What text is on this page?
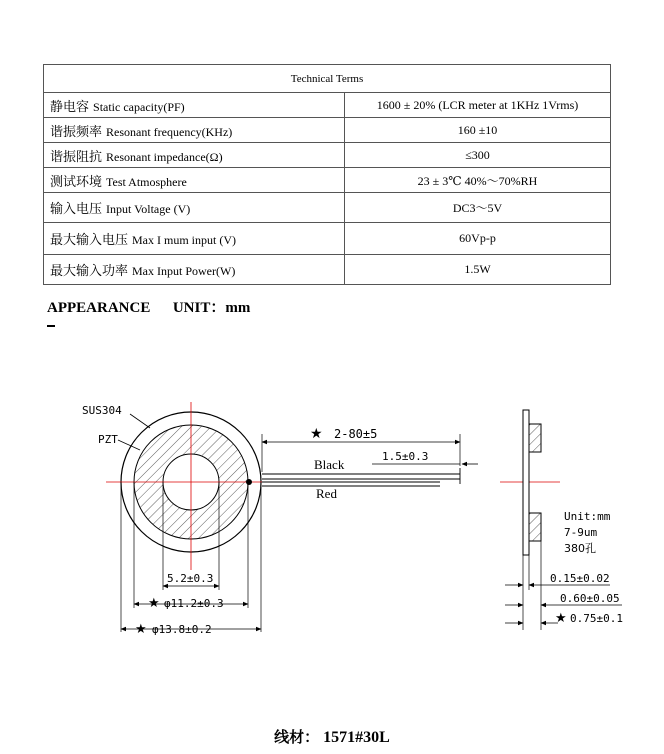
Technical Terms	
静电容 Static capacity(PF)	1600 ± 20% (LCR meter at 1KHz 1Vrms)
谐振频率 Resonant frequency(KHz)	160 ±10
谐振阻抗 Resonant impedance(Ω)	≤300
测试环境 Test Atmosphere	23 ± 3℃ 40%～70%RH
输入电压 Input Voltage (V)	DC3～5V
最大输入电压 Max I mum input (V)	60Vp-p
最大输入功率 Max Input Power(W)	1.5W
APPEARANCE UNIT：mm
SUS304
PZT
Black
Red
★ 2-80±5
1.5±0.3
5.2±0.3
★ φ11.2±0.3
★ φ13.8±0.2
Unit:mm 7-9um 380孔
0.15±0.02
0.60±0.05
★ 0.75±0.1
线材： 1571#30L
